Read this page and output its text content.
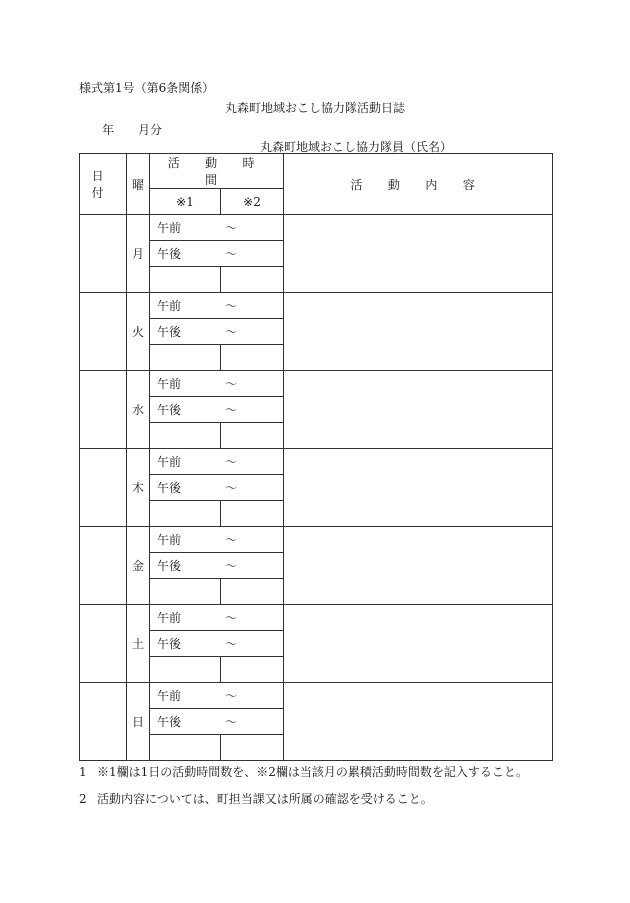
様式第1号（第6条関係）
丸森町地域おこし協力隊活動日誌
年 月分
丸森町地域おこし協力隊員（氏名）
日 付	曜	活 動 時 間		活 動 内 容
		※1	※2	
	月	午前 ～		
		午後 ～		

	火	午前 ～		
		午後 ～		

	水	午前 ～		
		午後 ～		

	木	午前 ～		
		午後 ～		

	金	午前 ～		
		午後 ～		

	土	午前 ～		
		午後 ～		

	日	午前 ～		
		午後 ～		

1 ※1欄は1日の活動時間数を、※2欄は当該月の累積活動時間数を記入すること。

2 活動内容については、町担当課又は所属の確認を受けること。
